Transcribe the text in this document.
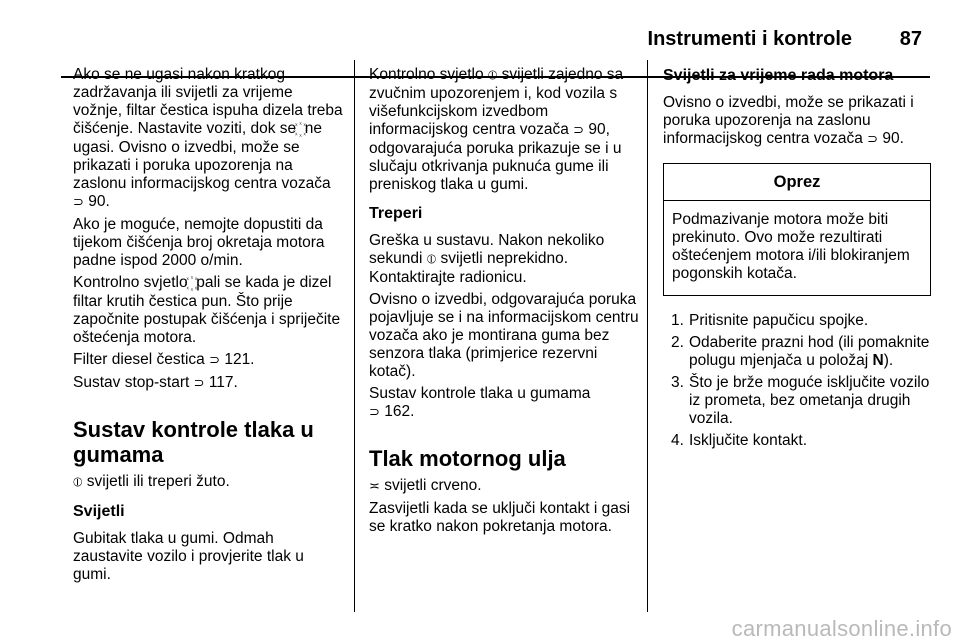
Instrumenti i kontrole 87

Ako se ne ugasi nakon kratkog zadržavanja ili svijetli za vrijeme vožnje, filtar čestica ispuha dizela treba čišćenje. Nastavite voziti, dok se  ne ugasi. Ovisno o izvedbi, može se prikazati i poruka upozorenja na zaslonu informacijskog centra vozača ⊃ 90.

Ako je moguće, nemojte dopustiti da tijekom čišćenja broj okretaja motora padne ispod 2000 o/min.

Kontrolno svjetlo  pali se kada je dizel filtar krutih čestica pun. Što prije započnite postupak čišćenja i spriječite oštećenja motora.

Filter diesel čestica ⊃ 121.

Sustav stop-start ⊃ 117.

Sustav kontrole tlaka u gumama

⦶ svijetli ili treperi žuto.

Svijetli

Gubitak tlaka u gumi. Odmah zaustavite vozilo i provjerite tlak u gumi.

Kontrolno svjetlo ⦶ svijetli zajedno sa zvučnim upozorenjem i, kod vozila s višefunkcijskom izvedbom informacijskog centra vozača ⊃ 90, odgovarajuća poruka prikazuje se i u slučaju otkrivanja puknuća gume ili preniskog tlaka u gumi.

Treperi

Greška u sustavu. Nakon nekoliko sekundi ⦶ svijetli neprekidno. Kontaktirajte radionicu.

Ovisno o izvedbi, odgovarajuća poruka pojavljuje se i na informacijskom centru vozača ako je montirana guma bez senzora tlaka (primjerice rezervni kotač).

Sustav kontrole tlaka u gumama
⊃ 162.

Tlak motornog ulja

≍ svijetli crveno.

Zasvijetli kada se uključi kontakt i gasi se kratko nakon pokretanja motora.

Svijetli za vrijeme rada motora

Ovisno o izvedbi, može se prikazati i poruka upozorenja na zaslonu informacijskog centra vozača ⊃ 90.

Oprez
Podmazivanje motora može biti prekinuto. Ovo može rezultirati oštećenjem motora i/ili blokiranjem pogonskih kotača.
1. Pritisnite papučicu spojke.
2. Odaberite prazni hod (ili pomaknite polugu mjenjača u položaj N).
3. Što je brže moguće isključite vozilo iz prometa, bez ometanja drugih vozila.
4. Isključite kontakt.
carmanualsonline.info
